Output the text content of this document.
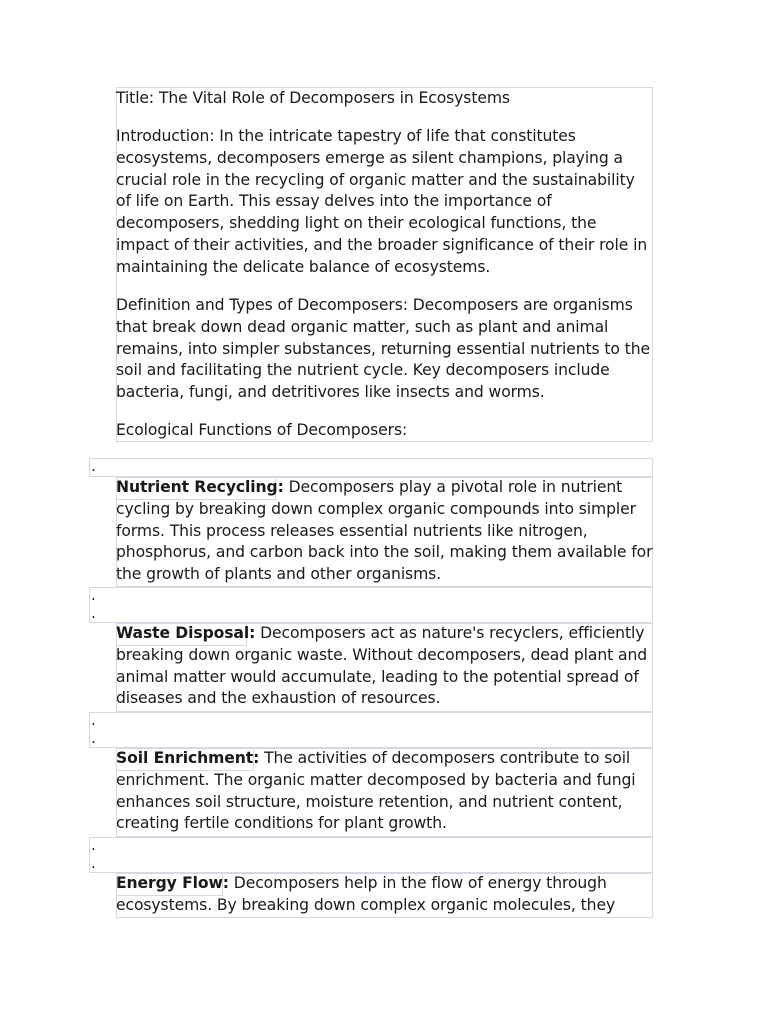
Title: The Vital Role of Decomposers in Ecosystems

Introduction: In the intricate tapestry of life that constitutes ecosystems, decomposers emerge as silent champions, playing a crucial role in the recycling of organic matter and the sustainability of life on Earth. This essay delves into the importance of decomposers, shedding light on their ecological functions, the impact of their activities, and the broader significance of their role in maintaining the delicate balance of ecosystems.

Definition and Types of Decomposers: Decomposers are organisms that break down dead organic matter, such as plant and animal remains, into simpler substances, returning essential nutrients to the soil and facilitating the nutrient cycle. Key decomposers include bacteria, fungi, and detritivores like insects and worms.

Ecological Functions of Decomposers:

.
.
.
.
.
.
.

Nutrient Recycling: Decomposers play a pivotal role in nutrient cycling by breaking down complex organic compounds into simpler forms. This process releases essential nutrients like nitrogen, phosphorus, and carbon back into the soil, making them available for the growth of plants and other organisms.

Waste Disposal: Decomposers act as nature's recyclers, efficiently breaking down organic waste. Without decomposers, dead plant and animal matter would accumulate, leading to the potential spread of diseases and the exhaustion of resources.

Soil Enrichment: The activities of decomposers contribute to soil enrichment. The organic matter decomposed by bacteria and fungi enhances soil structure, moisture retention, and nutrient content, creating fertile conditions for plant growth.

Energy Flow: Decomposers help in the flow of energy through ecosystems. By breaking down complex organic molecules, they
